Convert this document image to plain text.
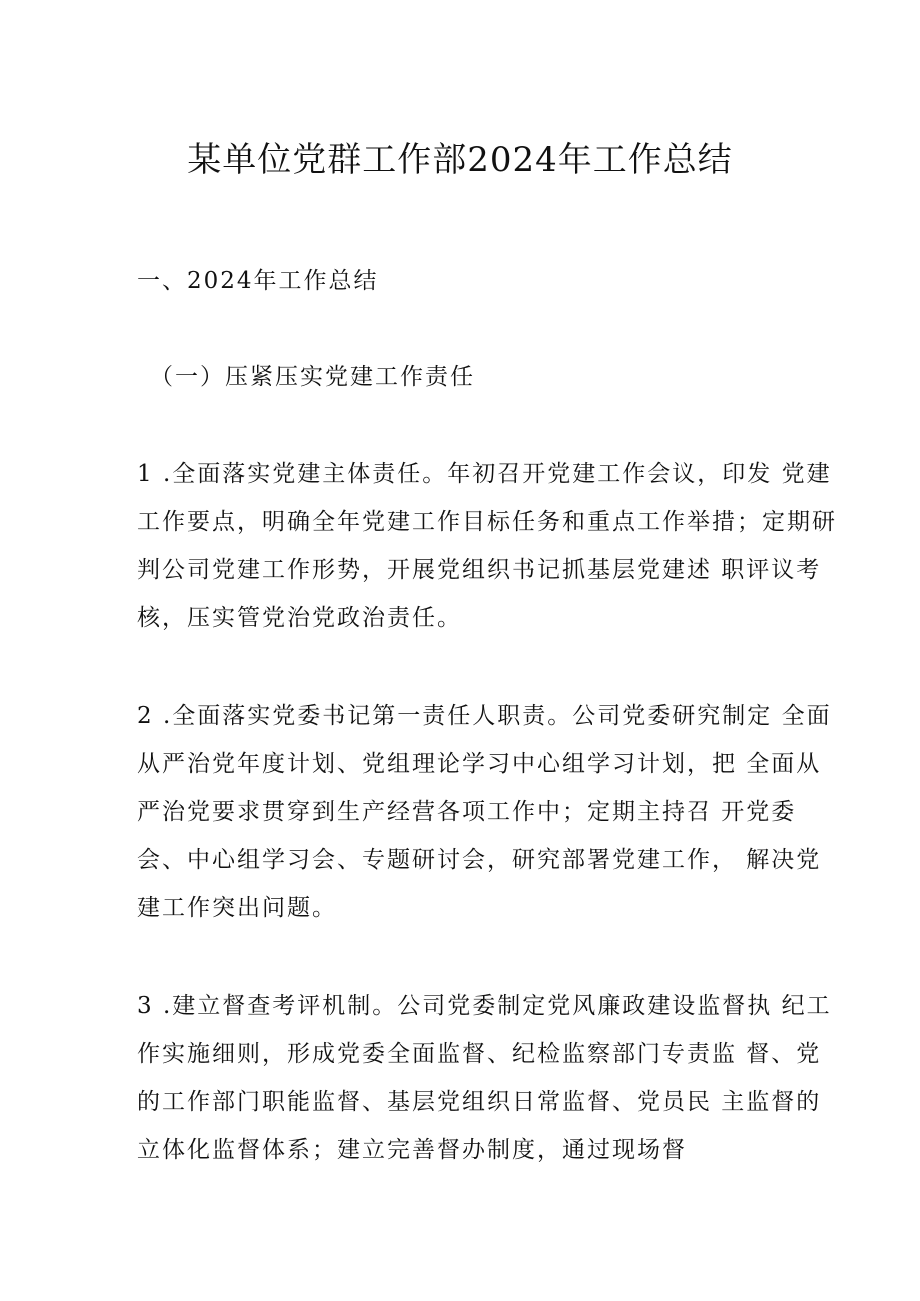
某单位党群工作部2024年工作总结
一、2024年工作总结
（一）压紧压实党建工作责任
1 .全面落实党建主体责任。年初召开党建工作会议，印发 党建
工作要点，明确全年党建工作目标任务和重点工作举措；定期研
判公司党建工作形势，开展党组织书记抓基层党建述 职评议考
核，压实管党治党政治责任。
2 .全面落实党委书记第一责任人职责。公司党委研究制定 全面
从严治党年度计划、党组理论学习中心组学习计划，把 全面从
严治党要求贯穿到生产经营各项工作中；定期主持召 开党委
会、中心组学习会、专题研讨会，研究部署党建工作， 解决党
建工作突出问题。
3 .建立督查考评机制。公司党委制定党风廉政建设监督执 纪工
作实施细则，形成党委全面监督、纪检监察部门专责监 督、党
的工作部门职能监督、基层党组织日常监督、党员民 主监督的
立体化监督体系；建立完善督办制度，通过现场督
